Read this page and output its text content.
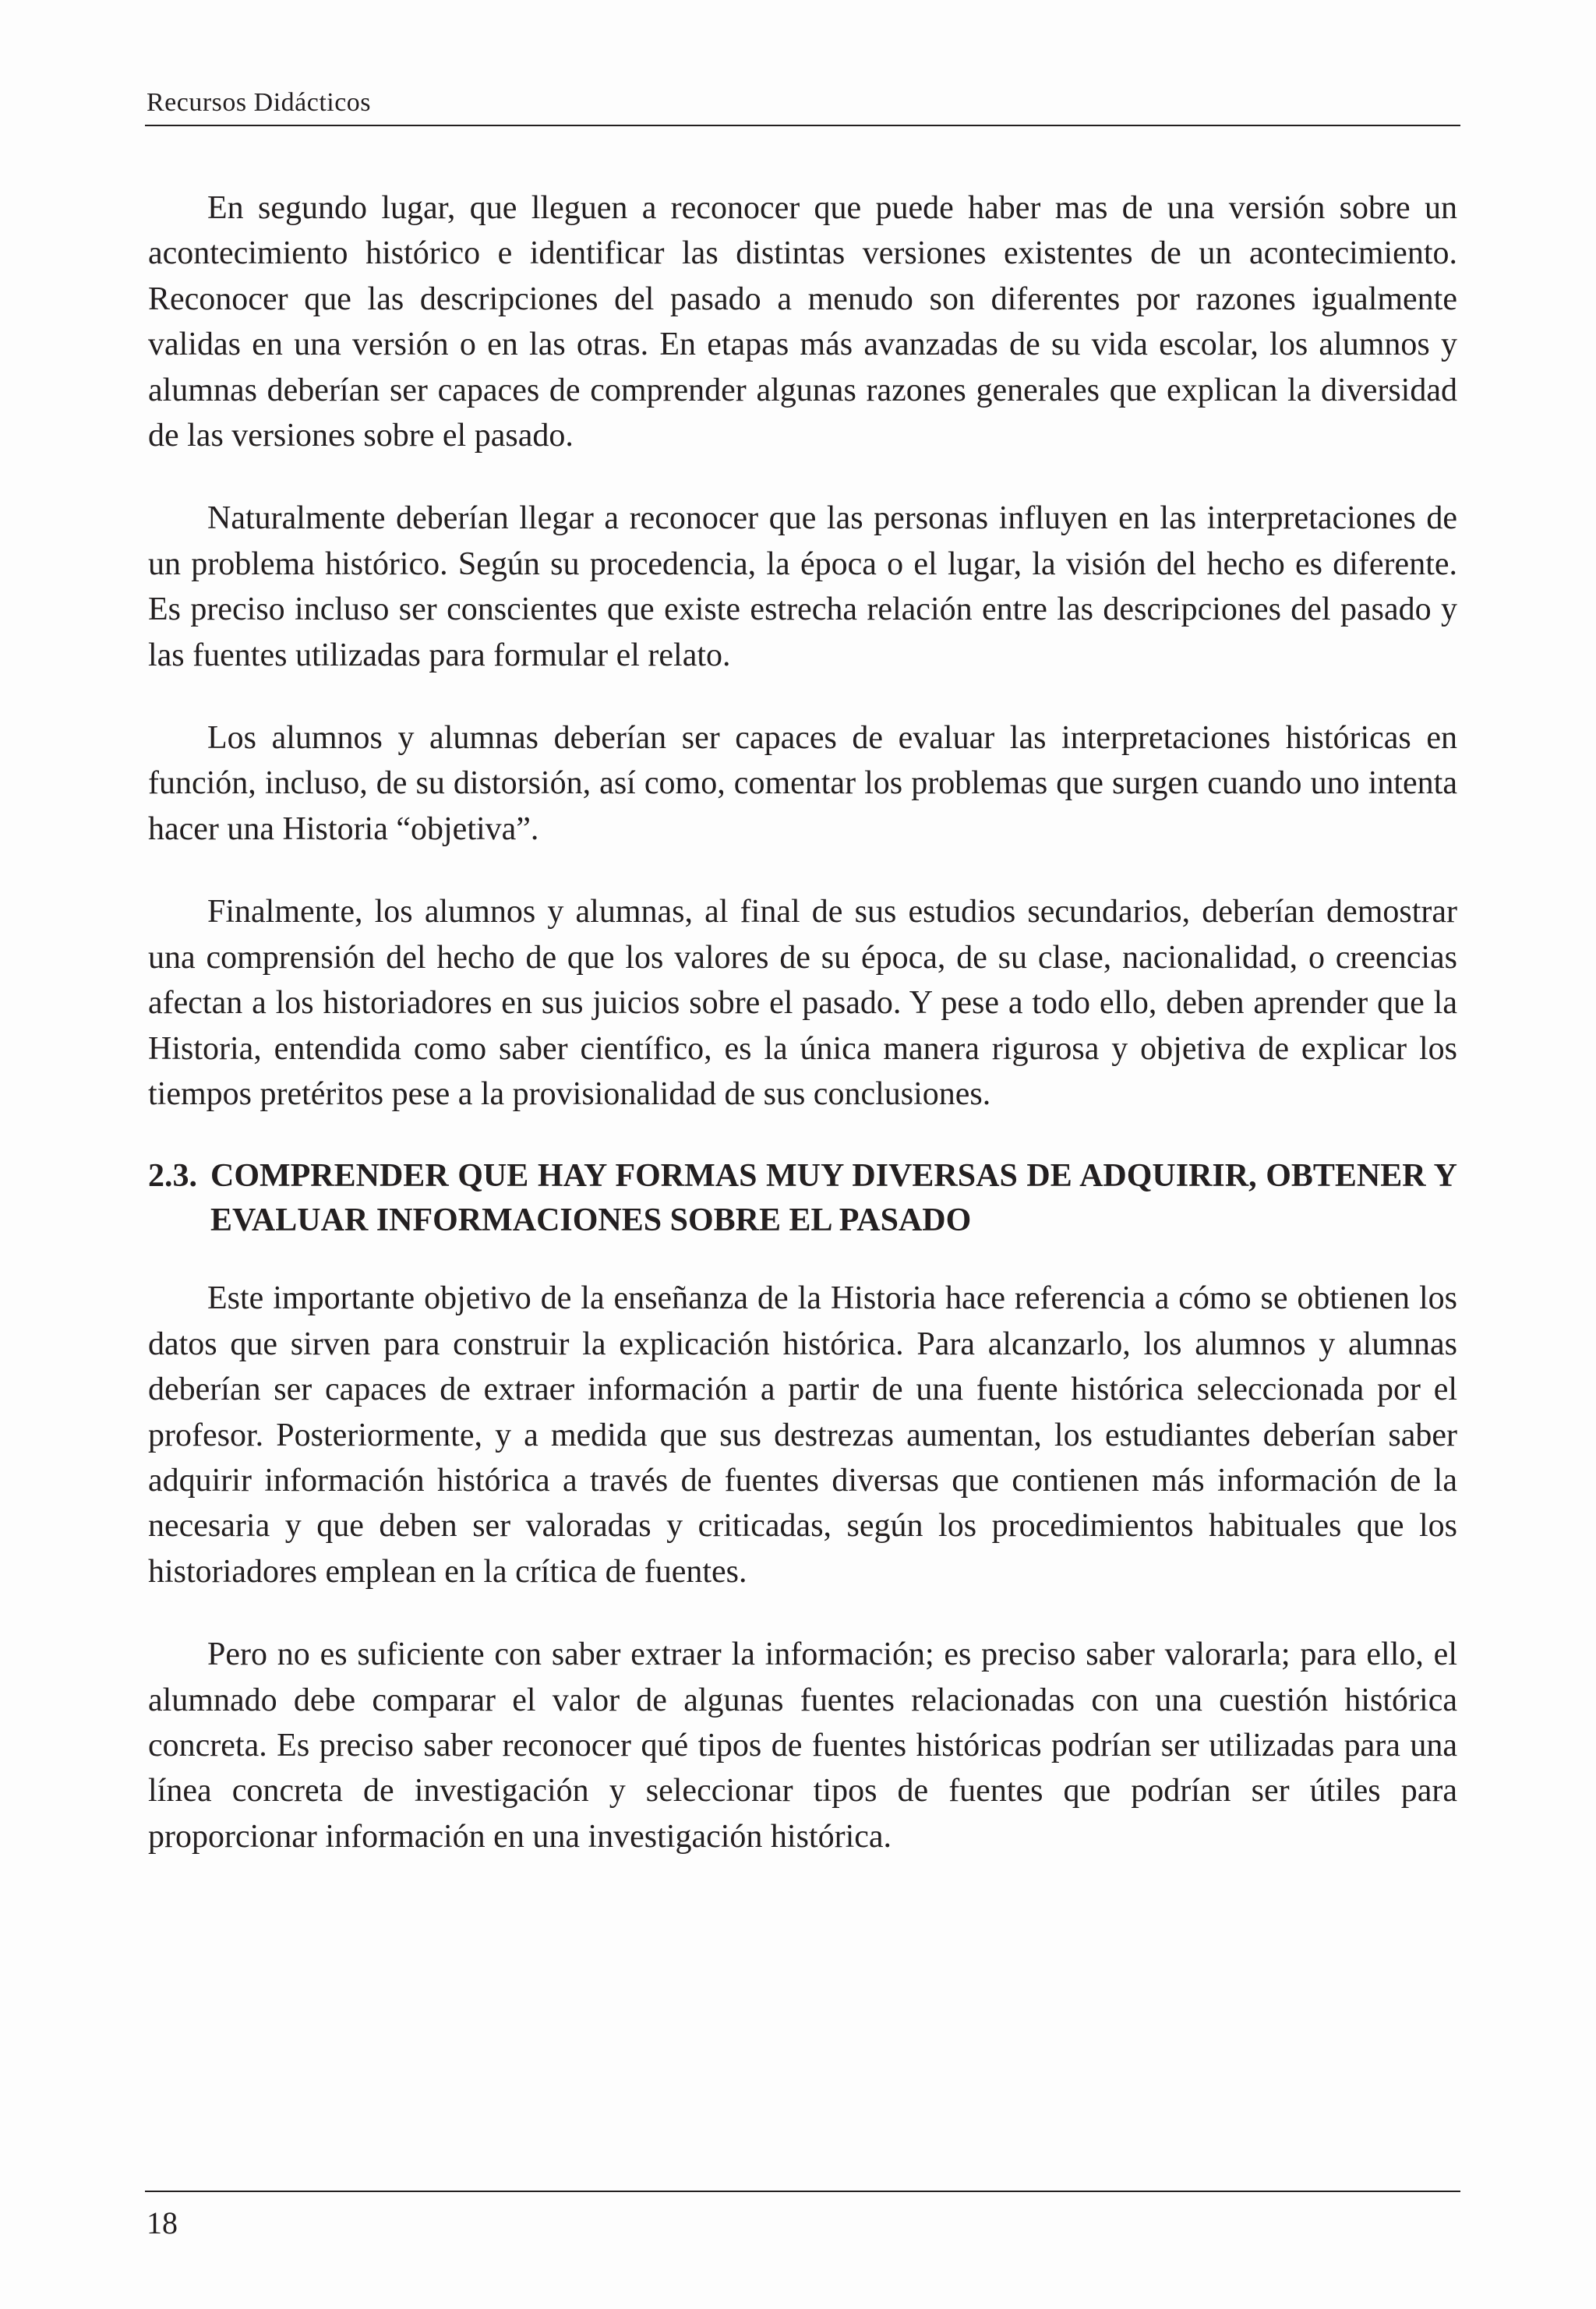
Recursos Didácticos

En segundo lugar, que lleguen a reconocer que puede haber mas de una versión sobre un acontecimiento histórico e identificar las distintas versiones existentes de un acontecimiento. Reconocer que las descripciones del pasado a menudo son diferentes por razones igualmente validas en una versión o en las otras. En etapas más avanzadas de su vida escolar, los alumnos y alumnas deberían ser capaces de comprender algunas razones generales que explican la diversidad de las versiones sobre el pasado.

Naturalmente deberían llegar a reconocer que las personas influyen en las interpretaciones de un problema histórico. Según su procedencia, la época o el lugar, la visión del hecho es diferente. Es preciso incluso ser conscientes que existe estrecha relación entre las descripciones del pasado y las fuentes utilizadas para formular el relato.

Los alumnos y alumnas deberían ser capaces de evaluar las interpretaciones históricas en función, incluso, de su distorsión, así como, comentar los problemas que surgen cuando uno intenta hacer una Historia “objetiva”.

Finalmente, los alumnos y alumnas, al final de sus estudios secundarios, deberían demostrar una comprensión del hecho de que los valores de su época, de su clase, nacionalidad, o creencias afectan a los historiadores en sus juicios sobre el pasado. Y pese a todo ello, deben aprender que la Historia, entendida como saber científico, es la única manera rigurosa y objetiva de explicar los tiempos pretéritos pese a la provisionalidad de sus conclusiones.

2.3. COMPRENDER QUE HAY FORMAS MUY DIVERSAS DE ADQUIRIR, OBTENER Y EVALUAR INFORMACIONES SOBRE EL PASADO

Este importante objetivo de la enseñanza de la Historia hace referencia a cómo se obtienen los datos que sirven para construir la explicación histórica. Para alcanzarlo, los alumnos y alumnas deberían ser capaces de extraer información a partir de una fuente histórica seleccionada por el profesor. Posteriormente, y a medida que sus destrezas aumentan, los estudiantes deberían saber adquirir información histórica a través de fuentes diversas que contienen más información de la necesaria y que deben ser valoradas y criticadas, según los procedimientos habituales que los historiadores emplean en la crítica de fuentes.

Pero no es suficiente con saber extraer la información; es preciso saber valorarla; para ello, el alumnado debe comparar el valor de algunas fuentes relacionadas con una cuestión histórica concreta. Es preciso saber reconocer qué tipos de fuentes históricas podrían ser utilizadas para una línea concreta de investigación y seleccionar tipos de fuentes que podrían ser útiles para proporcionar información en una investigación histórica.

18
